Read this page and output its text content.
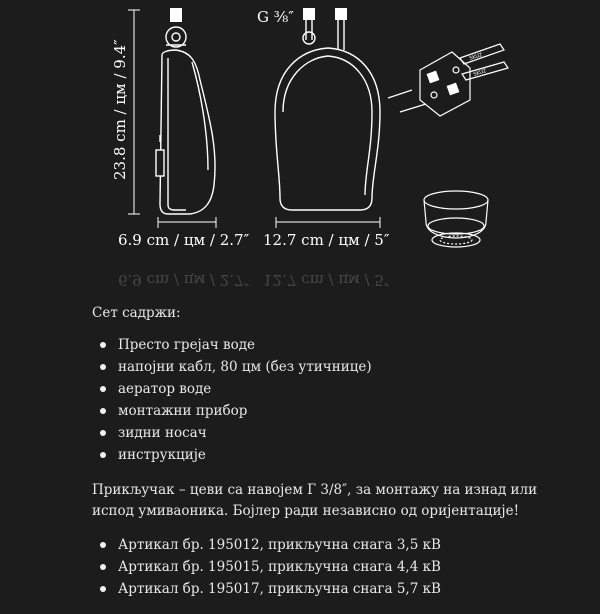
23.8 cm / цм / 9.4″
6.9 cm / цм / 2.7″
G ⅜″
12.7 cm / цм / 5″
SKUZ
SKUZ
6.9 cm / цм / 2.7″ 12.7 cm / цм / 5″

Сет садржи:

Престо грејач воде
напојни кабл, 80 цм (без утичнице)
аератор воде
монтажни прибор
зидни носач
инструкције

Прикључак – цеви са навојем Г 3/8″, за монтажу на изнад или
испод умиваоника. Бојлер ради независно од оријентације!

Артикал бр. 195012, прикључна снага 3,5 кВ
Артикал бр. 195015, прикључна снага 4,4 кВ
Артикал бр. 195017, прикључна снага 5,7 кВ
